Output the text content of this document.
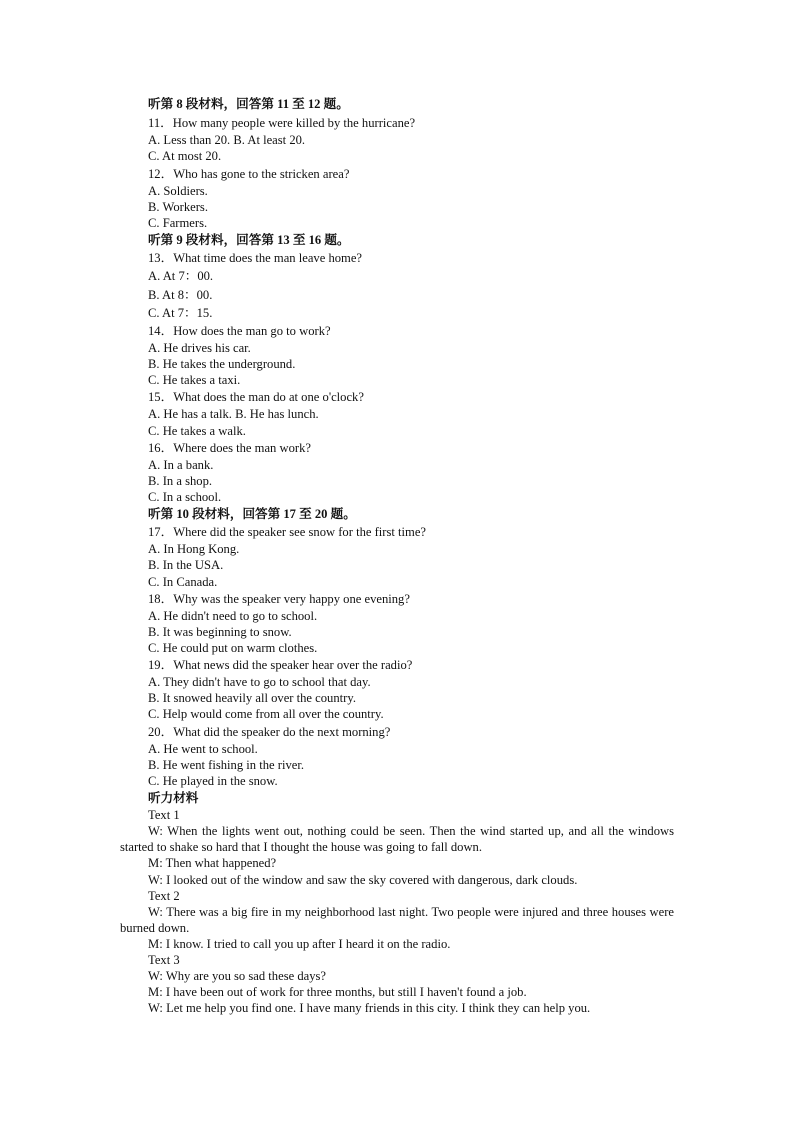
听第 8 段材料，回答第 11 至 12 题。
11．How many people were killed by the hurricane?
A. Less than 20. B. At least 20.
C. At most 20.
12．Who has gone to the stricken area?
A. Soldiers.
B. Workers.
C. Farmers.
听第 9 段材料，回答第 13 至 16 题。
13．What time does the man leave home?
A. At 7：00.
B. At 8：00.
C. At 7：15.
14．How does the man go to work?
A. He drives his car.
B. He takes the underground.
C. He takes a taxi.
15．What does the man do at one o'clock?
A. He has a talk. B. He has lunch.
C. He takes a walk.
16．Where does the man work?
A. In a bank.
B. In a shop.
C. In a school.
听第 10 段材料，回答第 17 至 20 题。
17．Where did the speaker see snow for the first time?
A. In Hong Kong.
B. In the USA.
C. In Canada.
18．Why was the speaker very happy one evening?
A. He didn't need to go to school.
B. It was beginning to snow.
C. He could put on warm clothes.
19．What news did the speaker hear over the radio?
A. They didn't have to go to school that day.
B. It snowed heavily all over the country.
C. Help would come from all over the country.
20．What did the speaker do the next morning?
A. He went to school.
B. He went fishing in the river.
C. He played in the snow.
听力材料
Text 1
W: When the lights went out, nothing could be seen. Then the wind started up, and all the windows started to shake so hard that I thought the house was going to fall down.
M: Then what happened?
W: I looked out of the window and saw the sky covered with dangerous, dark clouds.
Text 2
W: There was a big fire in my neighborhood last night. Two people were injured and three houses were burned down.
M: I know. I tried to call you up after I heard it on the radio.
Text 3
W: Why are you so sad these days?
M: I have been out of work for three months, but still I haven't found a job.
W: Let me help you find one. I have many friends in this city. I think they can help you.
